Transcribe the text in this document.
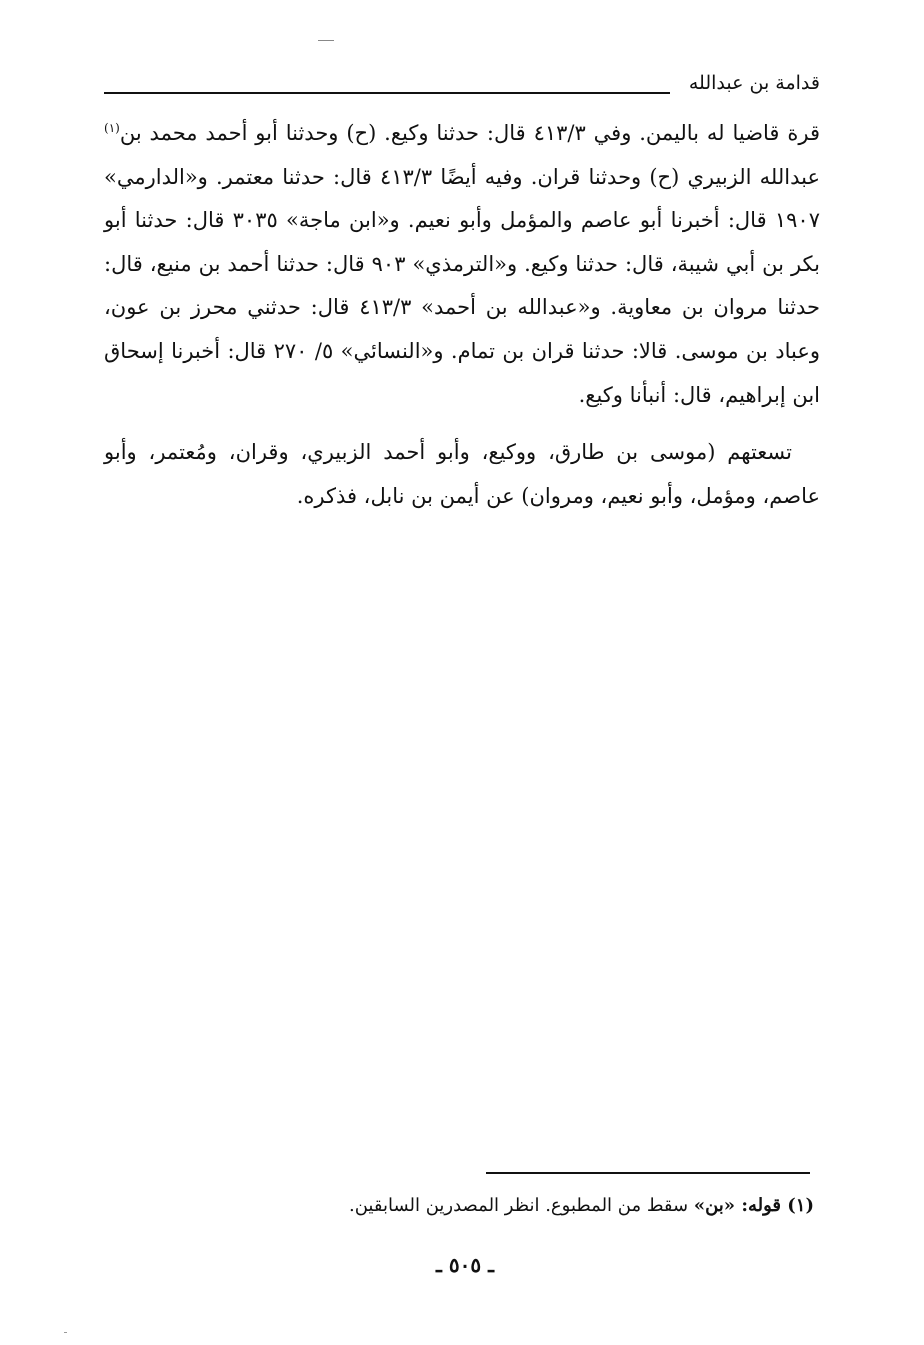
قدامة بن عبدالله

قرة قاضيا له باليمن. وفي ٤١٣/٣ قال: حدثنا وكيع. (ح) وحدثنا أبو أحمد محمد بن$^{(١)}$ عبدالله الزبيري (ح) وحدثنا قران. وفيه أيضًا ٤١٣/٣ قال: حدثنا معتمر. و«الدارمي» ١٩٠٧ قال: أخبرنا أبو عاصم والمؤمل وأبو نعيم. و«ابن ماجة» ٣٠٣٥ قال: حدثنا أبو بكر بن أبي شيبة، قال: حدثنا وكيع. و«الترمذي» ٩٠٣ قال: حدثنا أحمد بن منيع، قال: حدثنا مروان بن معاوية. و«عبدالله بن أحمد» ٤١٣/٣ قال: حدثني محرز بن عون، وعباد بن موسى. قالا: حدثنا قران بن تمام. و«النسائي» ٥/ ٢٧٠ قال: أخبرنا إسحاق ابن إبراهيم، قال: أنبأنا وكيع.

تسعتهم (موسى بن طارق، ووكيع، وأبو أحمد الزبيري، وقران، ومُعتمر، وأبو عاصم، ومؤمل، وأبو نعيم، ومروان) عن أيمن بن نابل، فذكره.

(١) قوله: «بن» سقط من المطبوع. انظر المصدرين السابقين.
ـ ٥٠٥ ـ
